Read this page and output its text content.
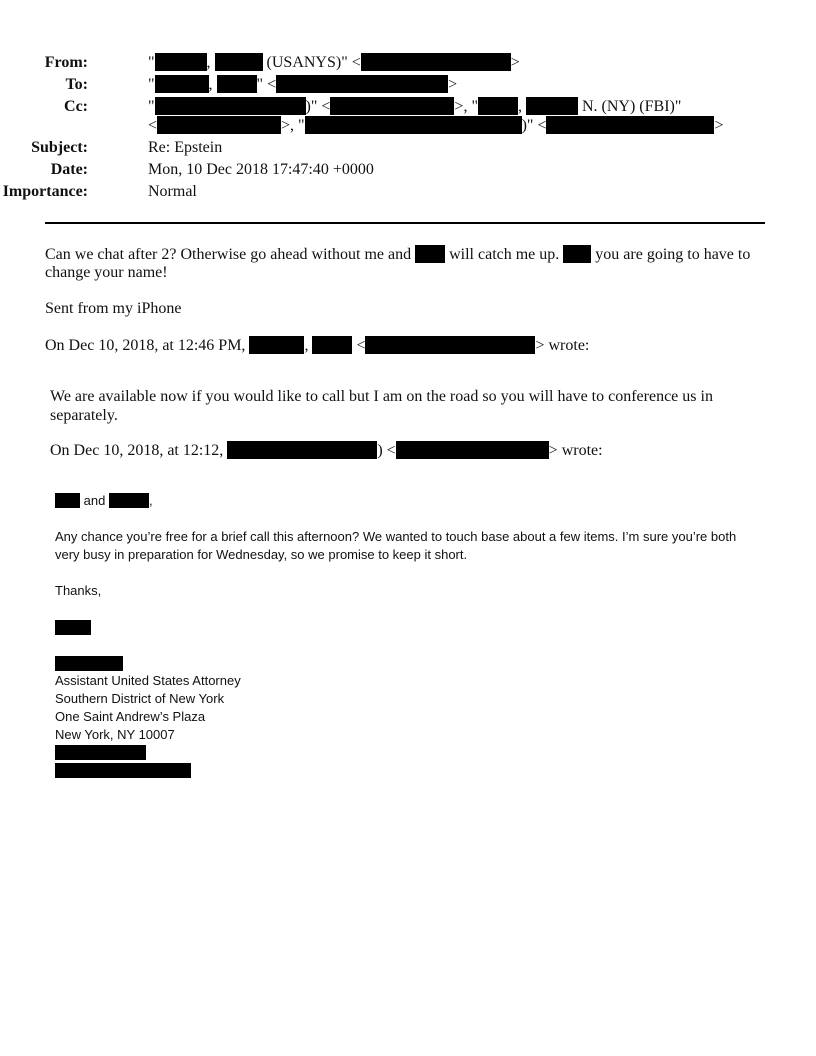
From:	"	,	(USANYS)" <	>
To:	"	,	" <	>
Cc:	"	)" <	>, "	,	N. (NY) (FBI)"
<	>, "	)" <	>
Subject:	Re: Epstein
Date:	Mon, 10 Dec 2018 17:47:40 +0000
Importance:	Normal
Can we chat after 2? Otherwise go ahead without me and will catch me up. you are going to have to
change your name!
Sent from my iPhone
On Dec 10, 2018, at 12:46 PM,	,	<	> wrote:
We are available now if you would like to call but I am on the road so you will have to conference us in separately.
On Dec 10, 2018, at 12:12,	) <	> wrote:
and	,
Any chance you’re free for a brief call this afternoon? We wanted to touch base about a few items. I’m sure you’re both very busy in preparation for Wednesday, so we promise to keep it short.
Thanks,
Assistant United States Attorney
Southern District of New York
One Saint Andrew’s Plaza
New York, NY 10007
